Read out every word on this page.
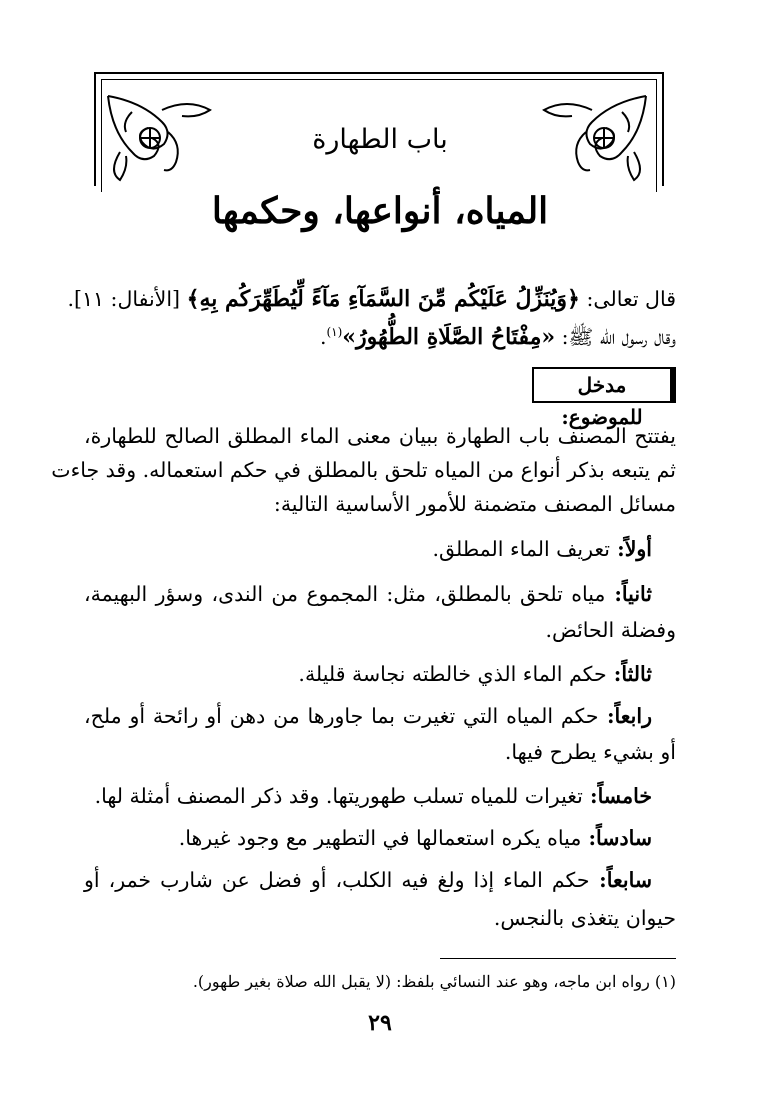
باب الطهارة
المياه، أنواعها، وحكمها
قال تعالى: ﴿وَيُنَزِّلُ عَلَيْكُم مِّنَ السَّمَآءِ مَآءً لِّيُطَهِّرَكُم بِهِ﴾ [الأنفال: ١١].
وقال رسول الله ﷺ: «مِفْتَاحُ الصَّلَاةِ الطُّهُورُ»$^{(١)}$.
مدخل للموضوع:
يفتتح المصنف باب الطهارة ببيان معنى الماء المطلق الصالح للطهارة،
ثم يتبعه بذكر أنواع من المياه تلحق بالمطلق في حكم استعماله. وقد جاءت
مسائل المصنف متضمنة للأمور الأساسية التالية:
أولاً: تعريف الماء المطلق.
ثانياً: مياه تلحق بالمطلق، مثل: المجموع من الندى، وسؤر البهيمة،
وفضلة الحائض.
ثالثاً: حكم الماء الذي خالطته نجاسة قليلة.
رابعاً: حكم المياه التي تغيرت بما جاورها من دهن أو رائحة أو ملح،
أو بشيء يطرح فيها.
خامساً: تغيرات للمياه تسلب طهوريتها. وقد ذكر المصنف أمثلة لها.
سادساً: مياه يكره استعمالها في التطهير مع وجود غيرها.
سابعاً: حكم الماء إذا ولغ فيه الكلب، أو فضل عن شارب خمر، أو
حيوان يتغذى بالنجس.
(١) رواه ابن ماجه، وهو عند النسائي بلفظ: (لا يقبل الله صلاة بغير طهور).
٢٩
